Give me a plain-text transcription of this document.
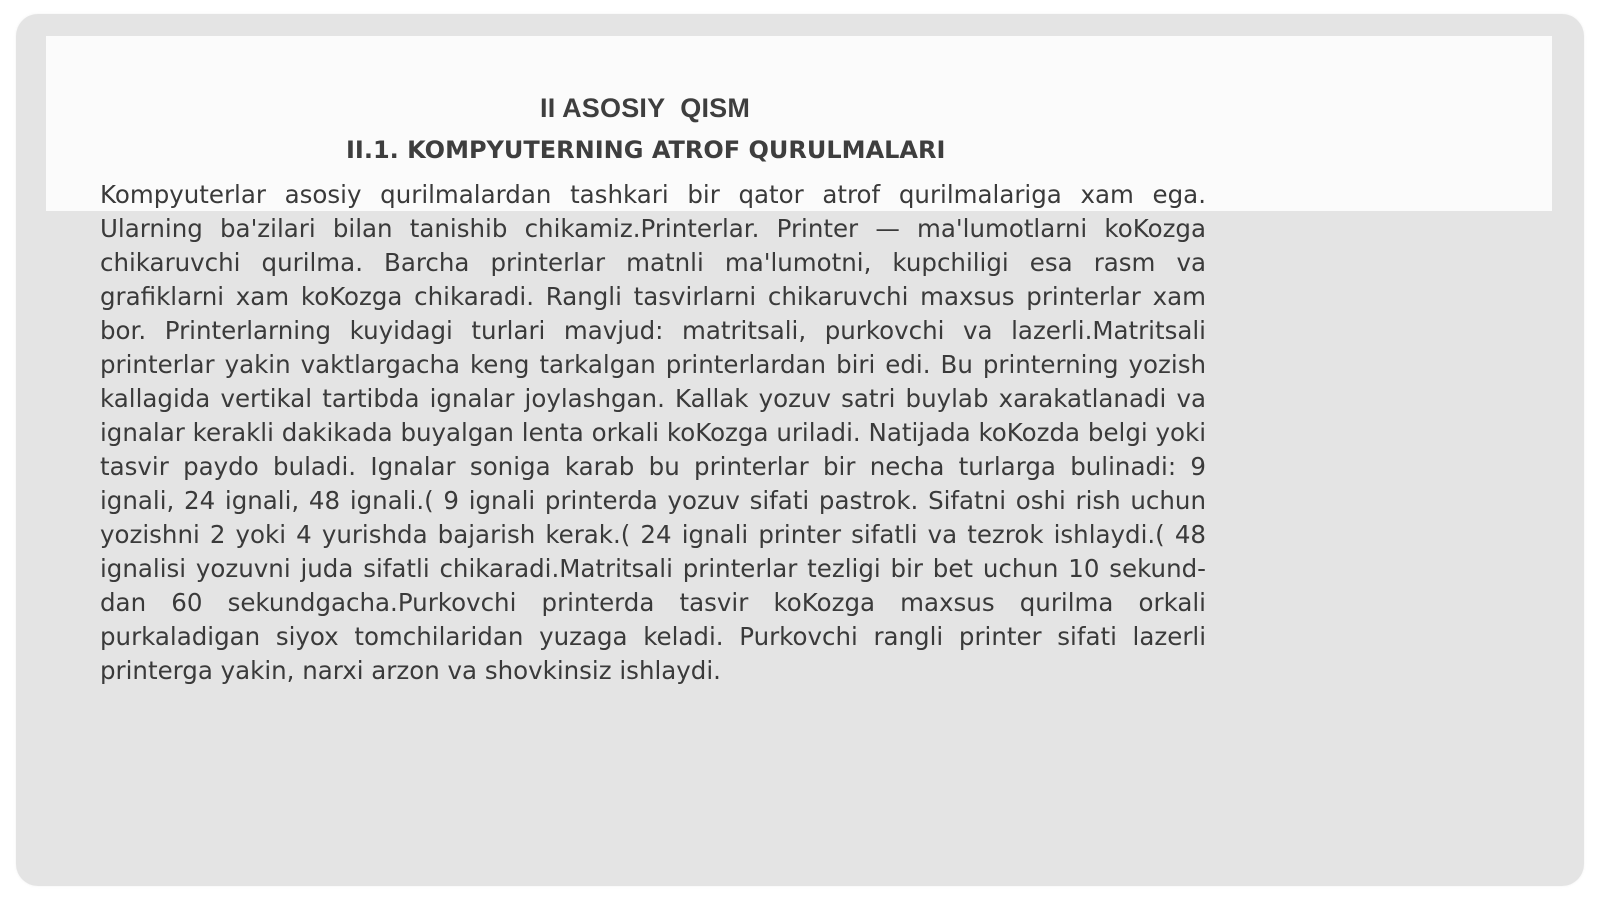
II ASOSIY  QISM
II.1. KOMPYUTERNING ATROF QURULMALARI

Kompyuterlar asosiy qurilmalardan tashkari bir qator atrof qurilmalariga xam ega. Ularning ba'zilari bilan tanishib chikamiz.Printerlar. Printer — ma'lumotlarni koKozga chikaruvchi qurilma. Barcha printerlar matnli ma'lumotni, kupchiligi esa rasm va grafiklarni xam koKozga chikaradi. Rangli tasvirlarni chikaruvchi maxsus printerlar xam bor. Printerlarning kuyidagi turlari mavjud: matritsali, purkovchi va lazerli.Matritsali printerlar yakin vaktlargacha keng tarkalgan printerlardan biri edi. Bu printerning yozish kallagida vertikal tartibda ignalar joylashgan. Kallak yozuv satri buylab xarakatlanadi va ignalar kerakli dakikada buyalgan lenta orkali koKozga uriladi. Natijada koKozda belgi yoki tasvir paydo buladi. Ignalar soniga karab bu printerlar bir necha turlarga bulinadi: 9 ignali, 24 ignali, 48 ignali.( 9 ignali printerda yozuv sifati pastrok. Sifatni oshi rish uchun yozishni 2 yoki 4 yurishda bajarish kerak.( 24 ignali printer sifatli va tezrok ishlaydi.( 48 ignalisi yozuvni juda sifatli chikaradi.Matritsali printerlar tezligi bir bet uchun 10 sekund-dan 60 sekundgacha.Purkovchi printerda tasvir koKozga maxsus qurilma orkali purkaladigan siyox tomchilaridan yuzaga keladi. Purkovchi rangli printer sifati lazerli printerga yakin, narxi arzon va shovkinsiz ishlaydi.
